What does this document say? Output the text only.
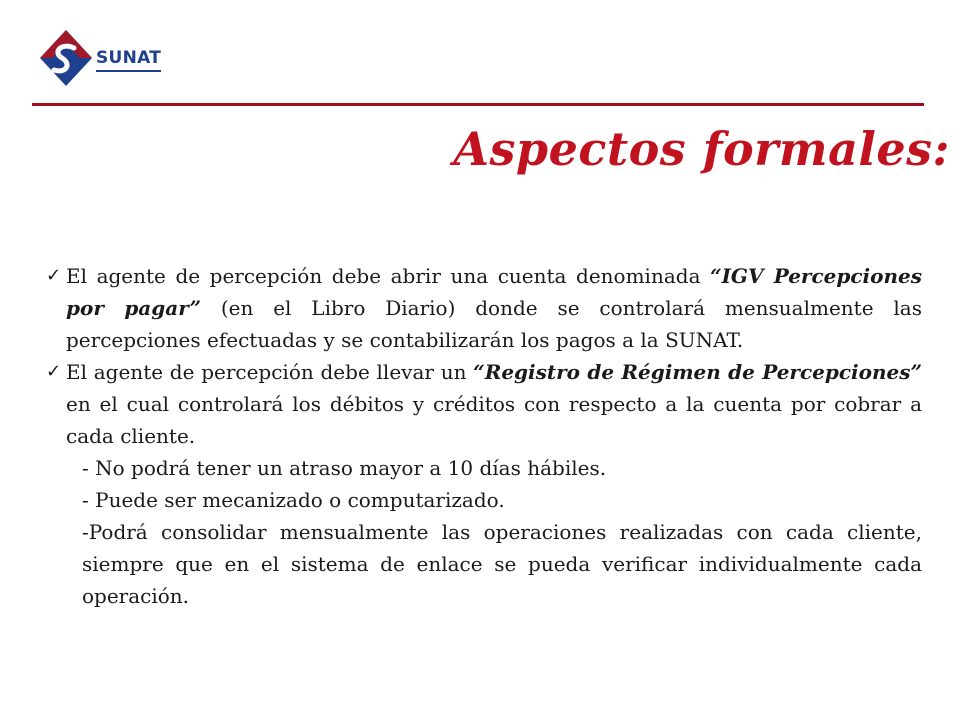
SUNAT
Aspectos formales:

✓ El agente de percepción debe abrir una cuenta denominada “IGV Percepciones por pagar” (en el Libro Diario) donde se controlará mensualmente las percepciones efectuadas y se contabilizarán los pagos a la SUNAT.

✓ El agente de percepción debe llevar un “Registro de Régimen de Percepciones” en el cual controlará los débitos y créditos con respecto a la cuenta por cobrar a cada cliente.

- No podrá tener un atraso mayor a 10 días hábiles.

- Puede ser mecanizado o computarizado.

-Podrá consolidar mensualmente las operaciones realizadas con cada cliente, siempre que en el sistema de enlace se pueda verificar individualmente cada operación.
